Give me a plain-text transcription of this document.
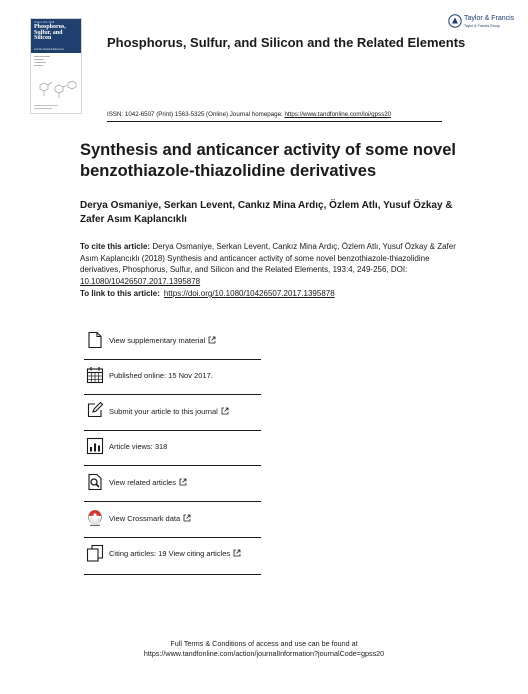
Volume 193, 2018
Phosphorus,
Sulfur, and
Silicon
and the Related Elements	Phosphorus, Sulfur, and Silicon and the Related Elements
Taylor & Francis
Taylor & Francis Group
ISSN: 1042-6507 (Print) 1563-5325 (Online) Journal homepage: https://www.tandfonline.com/loi/gpss20
Synthesis and anticancer activity of some novel benzothiazole-thiazolidine derivatives
Derya Osmaniye, Serkan Levent, Cankız Mina Ardıç, Özlem Atlı, Yusuf Özkay & Zafer Asım Kaplancıklı
To cite this article: Derya Osmaniye, Serkan Levent, Cankız Mina Ardıç, Özlem Atlı, Yusuf Özkay & Zafer Asım Kaplancıklı (2018) Synthesis and anticancer activity of some novel benzothiazole-thiazolidine derivatives, Phosphorus, Sulfur, and Silicon and the Related Elements, 193:4, 249-256, DOI: 10.1080/10426507.2017.1395878
To link to this article: https://doi.org/10.1080/10426507.2017.1395878
View supplementary material
Published online: 15 Nov 2017.
Submit your article to this journal
Article views: 318
View related articles
View Crossmark data
Citing articles: 19 View citing articles
Full Terms & Conditions of access and use can be found at
https://www.tandfonline.com/action/journalInformation?journalCode=gpss20
